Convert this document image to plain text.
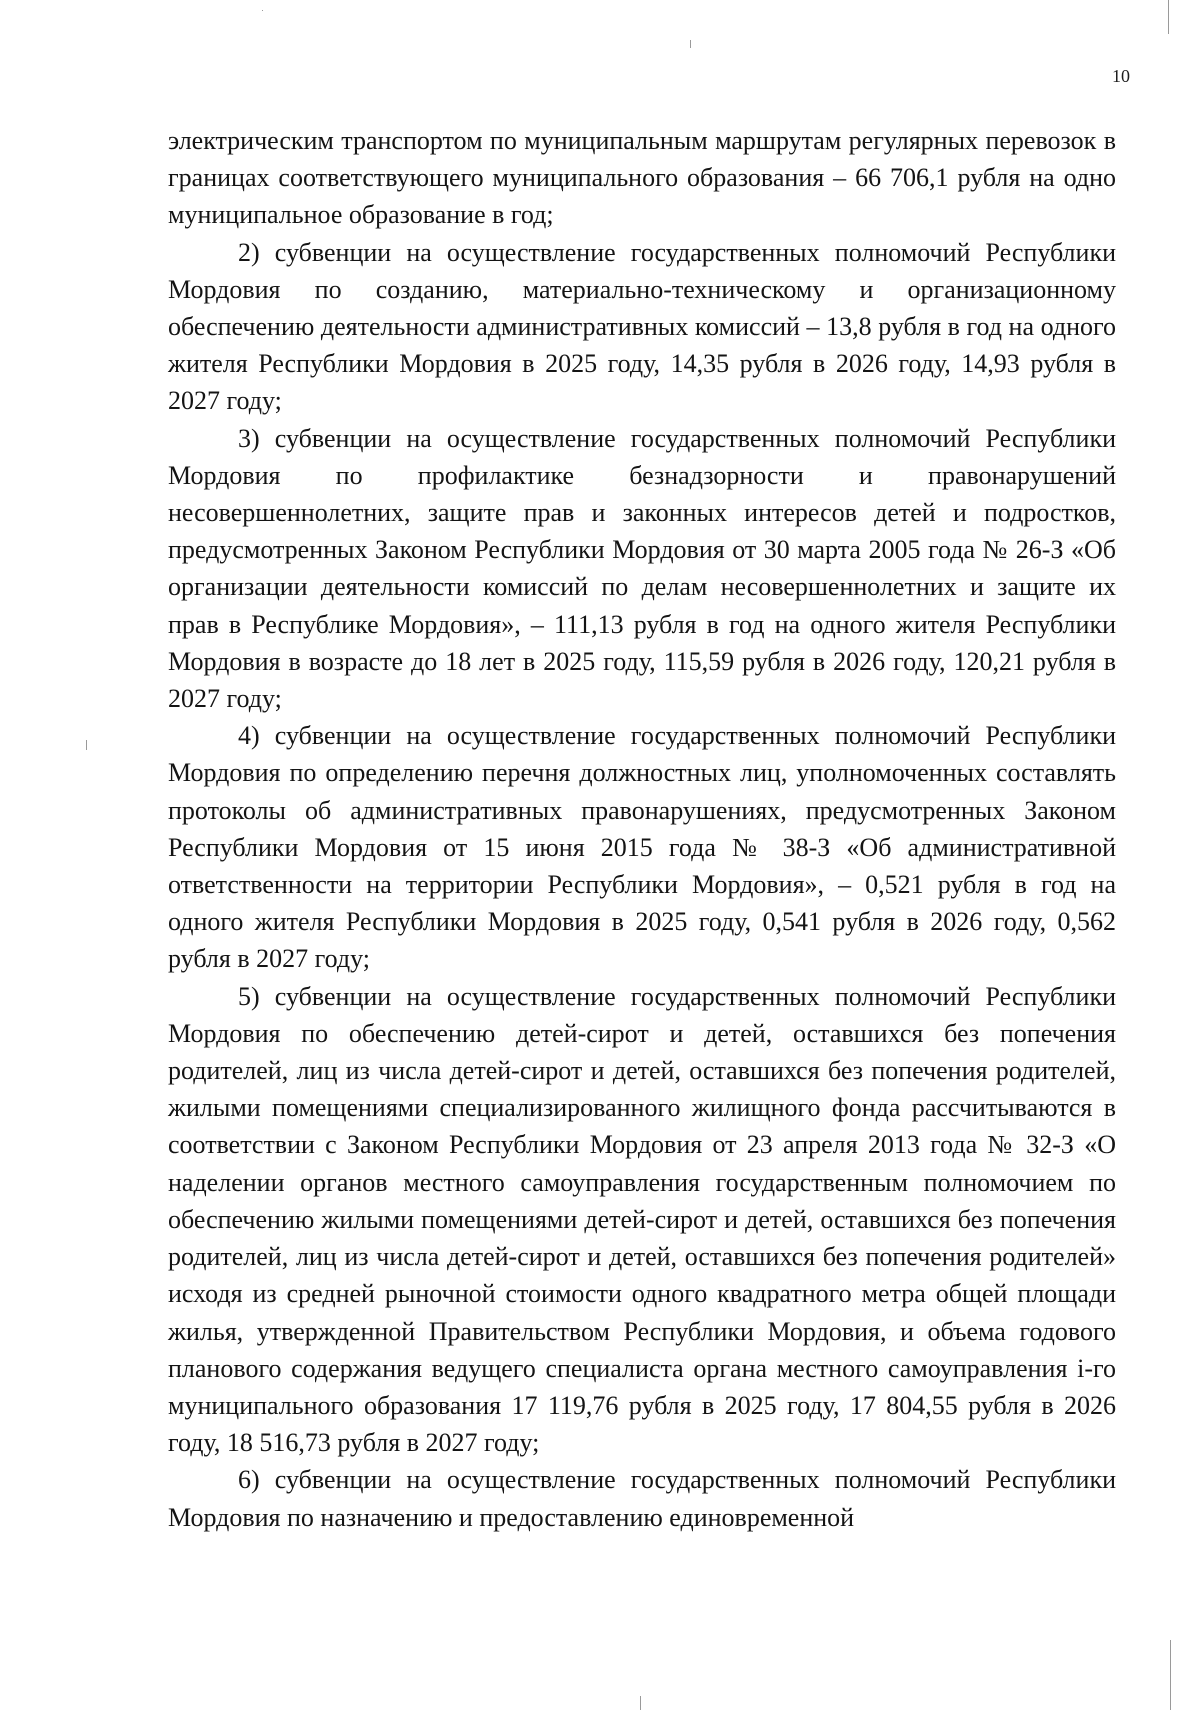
10

электрическим транспортом по муниципальным маршрутам регулярных перевозок в границах соответствующего муниципального образования – 66 706,1 рубля на одно муниципальное образование в год;

2) субвенции на осуществление государственных полномочий Республики Мордовия по созданию, материально-техническому и организационному обеспечению деятельности административных комиссий – 13,8 рубля в год на одного жителя Республики Мордовия в 2025 году, 14,35 рубля в 2026 году, 14,93 рубля в 2027 году;

3) субвенции на осуществление государственных полномочий Республики Мордовия по профилактике безнадзорности и правонарушений несовершеннолетних, защите прав и законных интересов детей и подростков, предусмотренных Законом Республики Мордовия от 30 марта 2005 года № 26-З «Об организации деятельности комиссий по делам несовершеннолетних и защите их прав в Республике Мордовия», – 111,13 рубля в год на одного жителя Республики Мордовия в возрасте до 18 лет в 2025 году, 115,59 рубля в 2026 году, 120,21 рубля в 2027 году;

4) субвенции на осуществление государственных полномочий Республики Мордовия по определению перечня должностных лиц, уполномоченных составлять протоколы об административных правонарушениях, предусмотренных Законом Республики Мордовия от 15 июня 2015 года № 38-З «Об административной ответственности на территории Республики Мордовия», – 0,521 рубля в год на одного жителя Республики Мордовия в 2025 году, 0,541 рубля в 2026 году, 0,562 рубля в 2027 году;

5) субвенции на осуществление государственных полномочий Республики Мордовия по обеспечению детей-сирот и детей, оставшихся без попечения родителей, лиц из числа детей-сирот и детей, оставшихся без попечения родителей, жилыми помещениями специализированного жилищного фонда рассчитываются в соответствии с Законом Республики Мордовия от 23 апреля 2013 года № 32-З «О наделении органов местного самоуправления государственным полномочием по обеспечению жилыми помещениями детей-сирот и детей, оставшихся без попечения родителей, лиц из числа детей-сирот и детей, оставшихся без попечения родителей» исходя из средней рыночной стоимости одного квадратного метра общей площади жилья, утвержденной Правительством Республики Мордовия, и объема годового планового содержания ведущего специалиста органа местного самоуправления i-го муниципального образования 17 119,76 рубля в 2025 году, 17 804,55 рубля в 2026 году, 18 516,73 рубля в 2027 году;

6) субвенции на осуществление государственных полномочий Республики Мордовия по назначению и предоставлению единовременной
